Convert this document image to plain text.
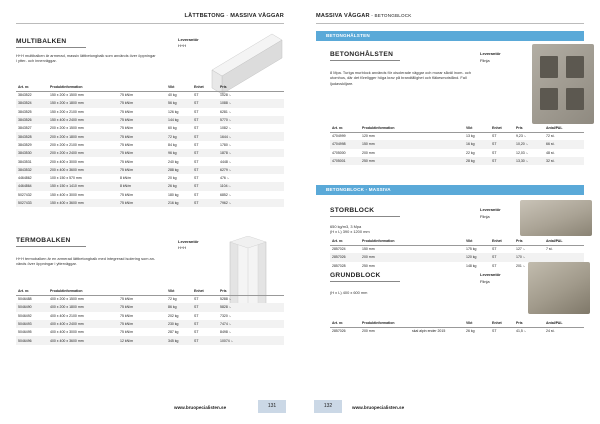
LÄTTBETONG - MASSIVA VÄGGAR
MULTIBALKEN	Leverantör
H+H
H+H multibalken är armerad, massiv lättbetongbalk som används över öppningar
i ytter- och innerväggar.
Art. nr.	Produktinformation		Vikt	Enhet	Pris
3843522	150 x 200 x 1500 mm	75 kN/m	40 kg	ST	1028 :-
3843524	150 x 200 x 1800 mm	75 kN/m	56 kg	ST	1088 :-
3843525	150 x 200 x 2100 mm	75 kN/m	126 kg	ST	6281 :-
3843526	150 x 400 x 2400 mm	75 kN/m	144 kg	ST	5770 :-
3843527	200 x 200 x 1500 mm	75 kN/m	60 kg	ST	1082 :-
3843528	200 x 200 x 1800 mm	75 kN/m	72 kg	ST	1644 :-
3843529	200 x 200 x 2100 mm	75 kN/m	84 kg	ST	1780 :-
3843530	200 x 200 x 2400 mm	75 kN/m	96 kg	ST	1878 :-
3843531	200 x 400 x 3000 mm	75 kN/m	240 kg	ST	4448 :-
3843532	200 x 400 x 3600 mm	75 kN/m	288 kg	ST	6279 :-
4464862	100 x 150 x 570 mm	8 kN/m	20 kg	ST	476 :-
4464864	150 x 150 x 1410 mm	8 kN/m	26 kg	ST	1104 :-
5027432	150 x 400 x 3000 mm	75 kN/m	180 kg	ST	6852 :-
5027433	150 x 400 x 3600 mm	75 kN/m	216 kg	ST	7962 :-
TERMOBALKEN	Leverantör
H+H
H+H termobalken är en armerad lättbetongbalk med integrerad isolering som an-
vänds över öppningar i ytterväggar.
Art. nr.	Produktinformation		Vikt	Enhet	Pris
5046488	400 x 200 x 1500 mm	75 kN/m	72 kg	ST	5288 :-
5046490	400 x 200 x 1800 mm	75 kN/m	86 kg	ST	5828 :-
5046492	400 x 400 x 2100 mm	75 kN/m	202 kg	ST	7320 :-
5046493	400 x 400 x 2400 mm	75 kN/m	230 kg	ST	7474 :-
5046495	400 x 400 x 3000 mm	75 kN/m	287 kg	ST	8498 :-
5046496	400 x 400 x 3600 mm	12 kN/m	345 kg	ST	10074 :-
www.bruopecialisten.se	131
MASSIVA VÄGGAR - BETONGBLOCK
BETONGHÅLSTEN
BETONGHÅLSTEN	Leverantör
Flinja
8 Mpa. Turiga murblock används för oisolerade väggar och murar såväl inom- och
utomhus, där det föreligger höga krav på brandtålighet och fläkesmotstånd. Fall
ljudavskiljare.
Art. nr.	Produktinformation		Vikt	Enhet	Pris	Antal/PAL
4704999	120 mm		13 kg	ST	9,23 :-	72 st.
4704998	150 mm		16 kg	ST	10,20 :-	66 st.
4705000	200 mm		22 kg	ST	12,03 :-	48 st.
4705001	250 mm		28 kg	ST	13,30 :-	32 st.
BETONGBLOCK - MASSIVA
STORBLOCK	Leverantör
Flinja
650 kg/m3, 3 Mpa
(H x L) 390 x 1200 mm
Art. nr.	Produktinformation		Vikt	Enhet	Pris	Antal/PAL
2857024	150 mm		175 kg	ST	127 :-	7 st.
2857026	200 mm		120 kg	ST	170 :-	
2857028	250 mm		148 kg	ST	201 :-	
GRUNDBLOCK	Leverantör
Flinja
(H x L) 400 x 600 mm
Art. nr.	Produktinformation		Vikt	Enhet	Pris	Antal/PAL
2857026	200 mm	skal alpin ender 2015	26 kg	ST	41,5 :-	24 st.
132	www.bruopecialisten.se
